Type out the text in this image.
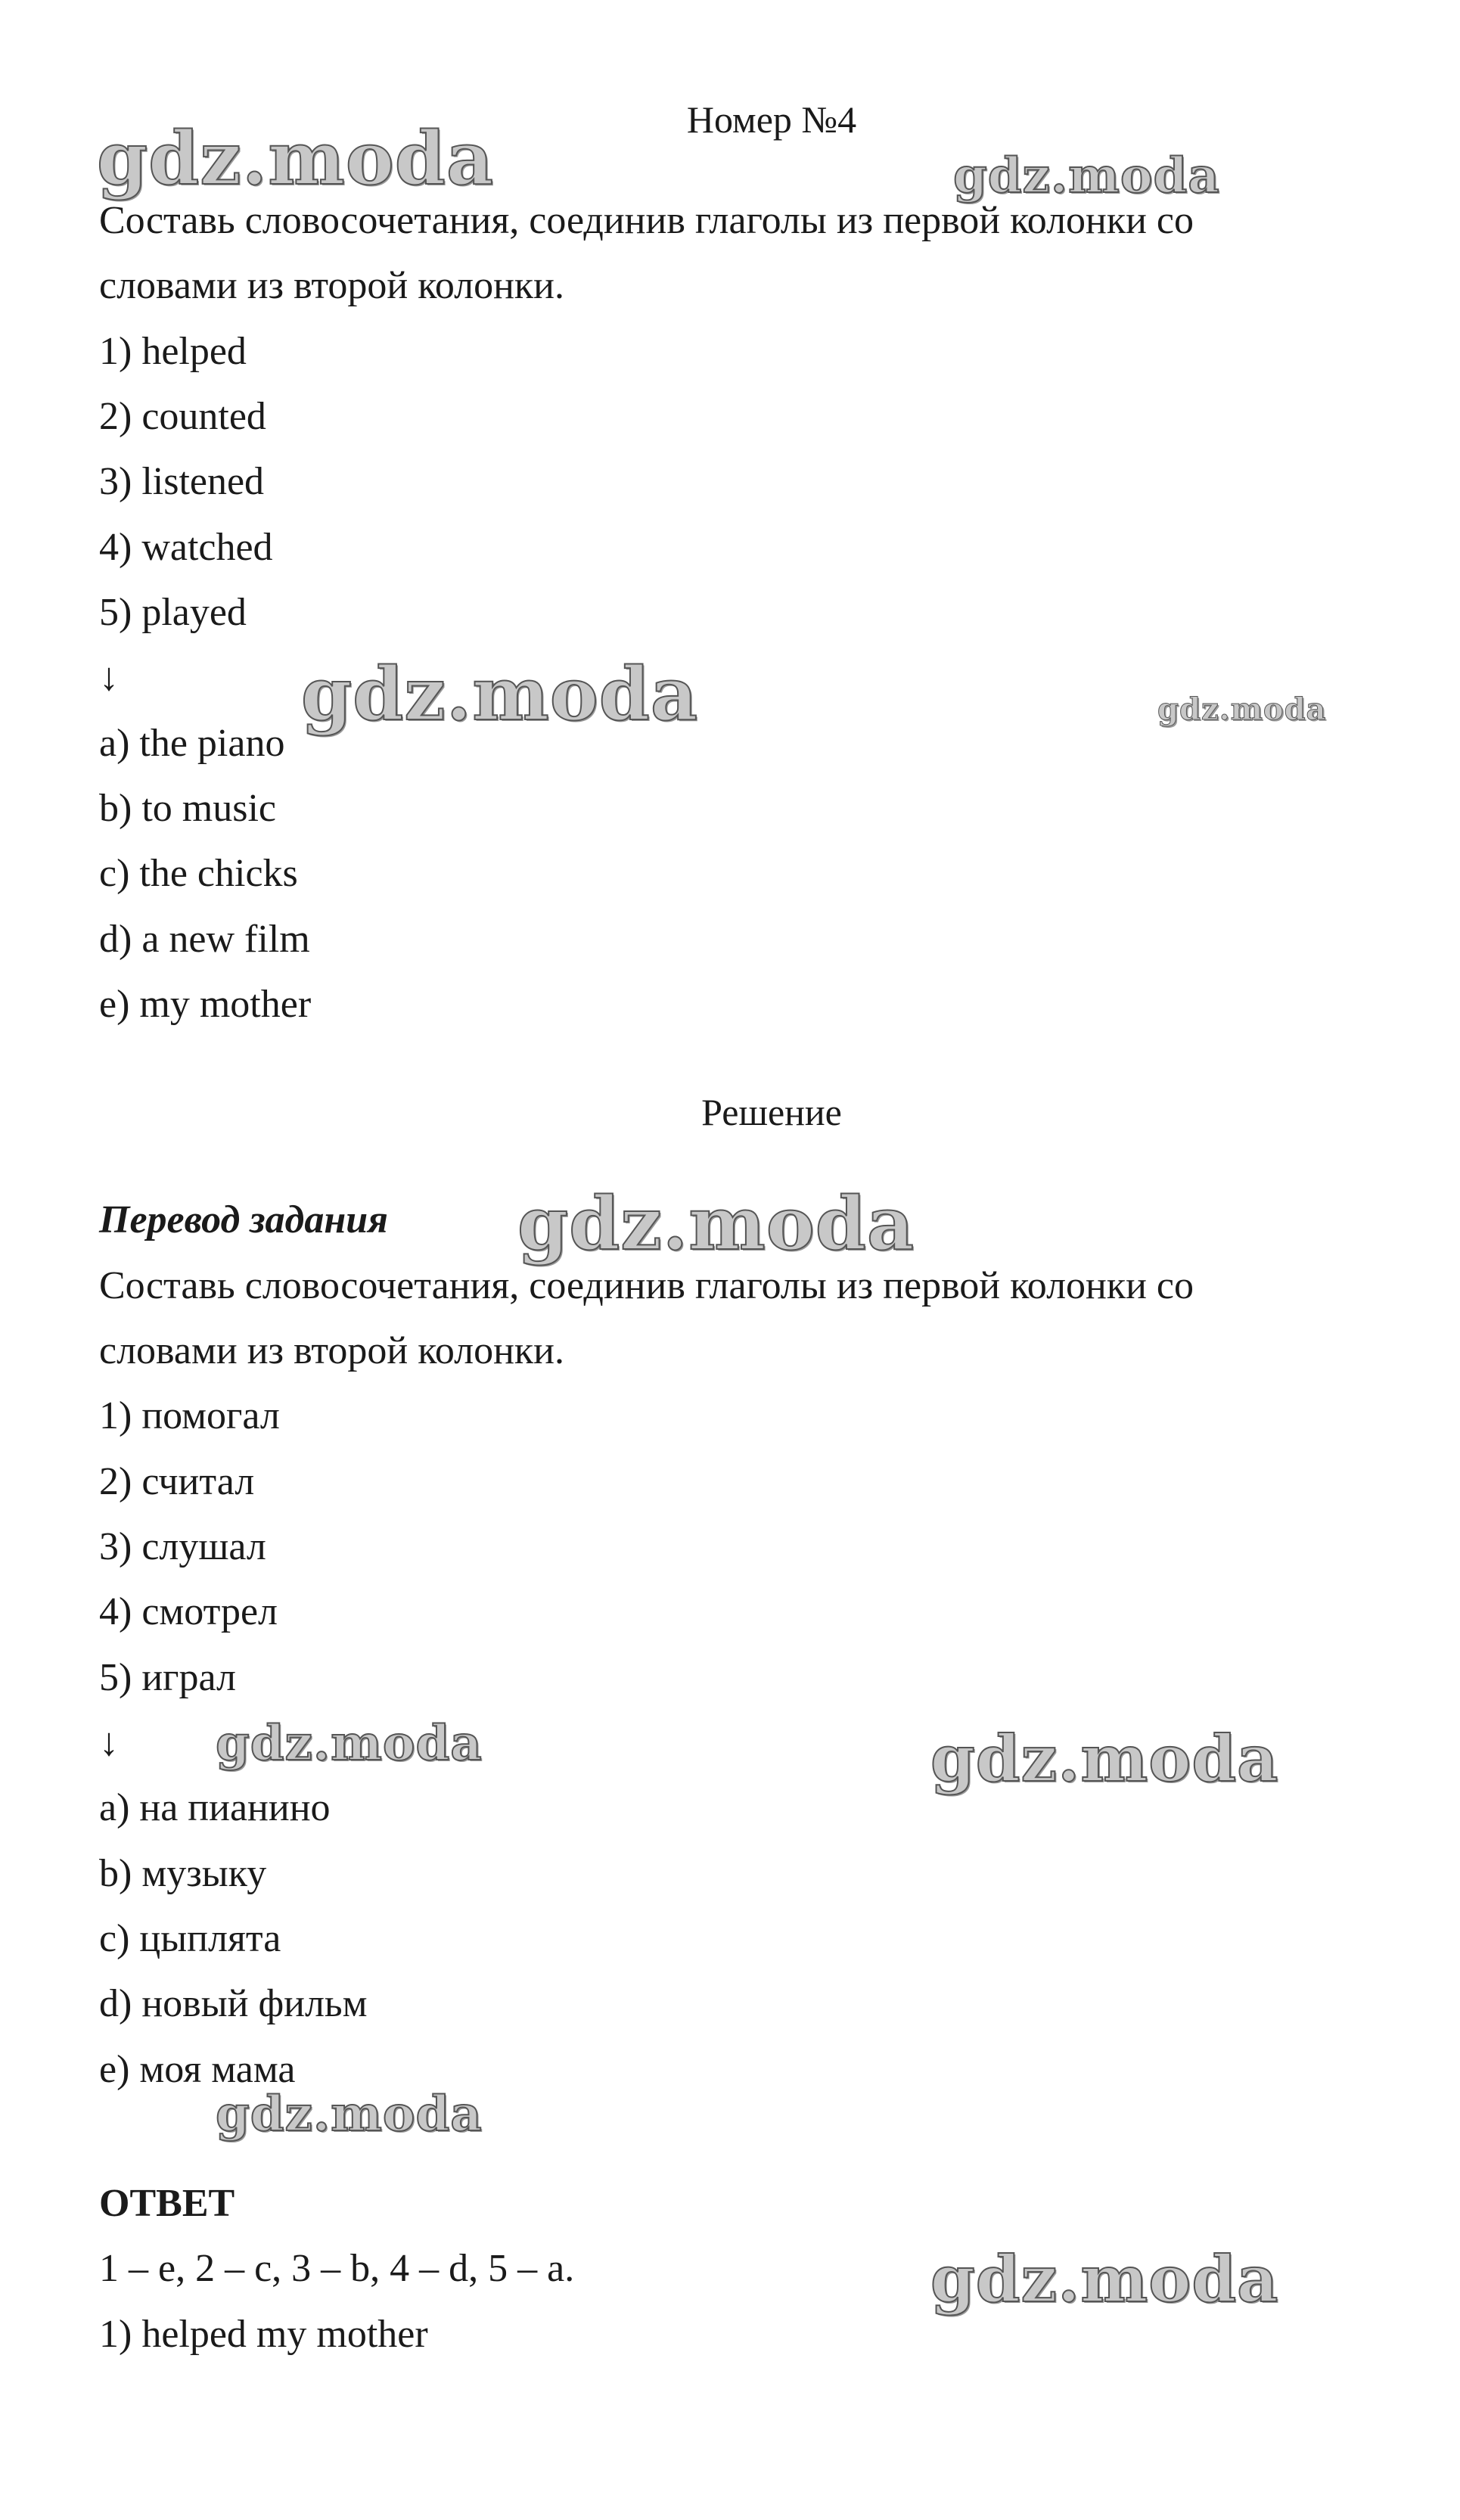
Номер №4
Составь словосочетания, соединив глаголы из первой колонки со
словами из второй колонки.
1) helped
2) counted
3) listened
4) watched
5) played
↓
a) the piano
b) to music
c) the chicks
d) a new film
e) my mother
Решение
Перевод задания
Составь словосочетания, соединив глаголы из первой колонки со
словами из второй колонки.
1) помогал
2) считал
3) слушал
4) смотрел
5) играл
↓
a) на пианино
b) музыку
c) цыплята
d) новый фильм
e) моя мама
ОТВЕТ
1 – e, 2 – c, 3 – b, 4 – d, 5 – a.
1) helped my mother
gdz.moda	gdz.moda
gdz.moda	gdz.moda
gdz.moda
gdz.moda	gdz.moda
gdz.moda
gdz.moda
